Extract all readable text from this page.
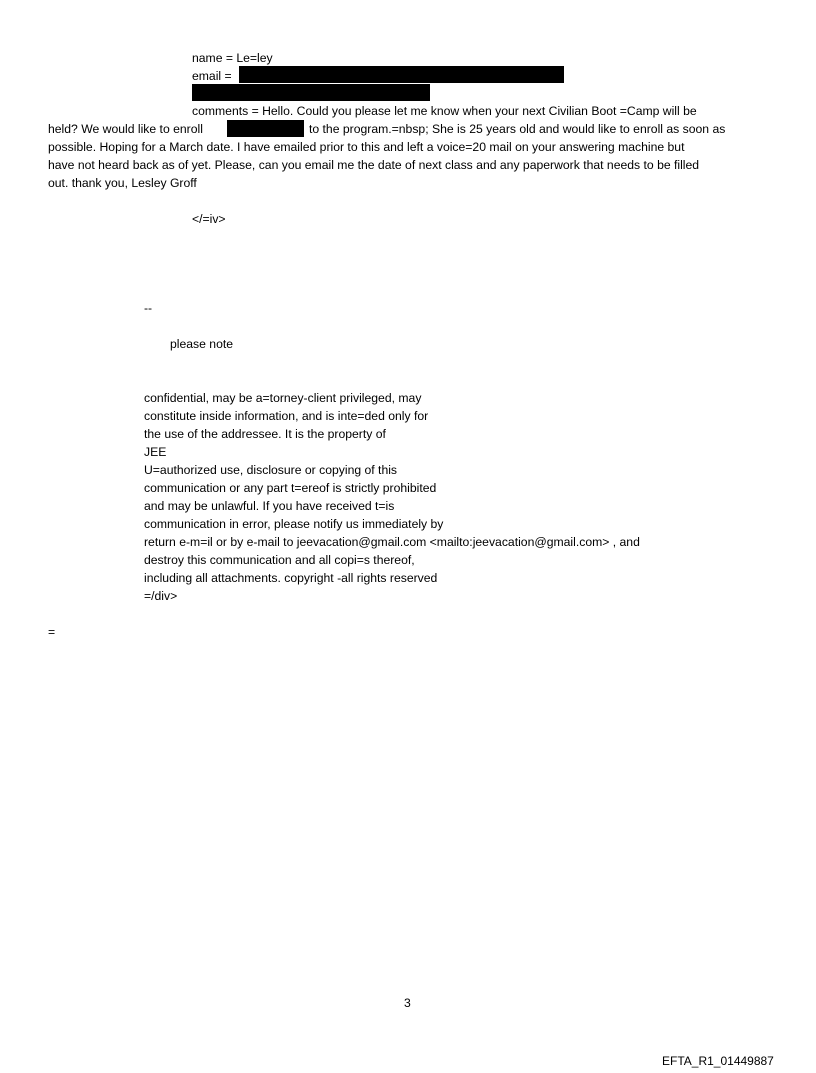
name = Le=ley
email =
comments = Hello. Could you please let me know when your next Civilian Boot =Camp will be
held? We would like to enroll	to the program.=nbsp; She is 25 years old and would like to enroll as soon as
possible. Hoping for a March date. I have emailed prior to this and left a voice=20 mail on your answering machine but
have not heard back as of yet. Please, can you email me the date of next class and any paperwork that needs to be filled
out. thank you, Lesley Groff
</=iv>
--
please note
confidential, may be a=torney-client privileged, may
constitute inside information, and is inte=ded only for
the use of the addressee. It is the property of
JEE
U=authorized use, disclosure or copying of this
communication or any part t=ereof is strictly prohibited
and may be unlawful. If you have received t=is
communication in error, please notify us immediately by
return e-m=il or by e-mail to jeevacation@gmail.com <mailto:jeevacation@gmail.com> , and
destroy this communication and all copi=s thereof,
including all attachments. copyright -all rights reserved
=/div>
=
3
EFTA_R1_01449887
